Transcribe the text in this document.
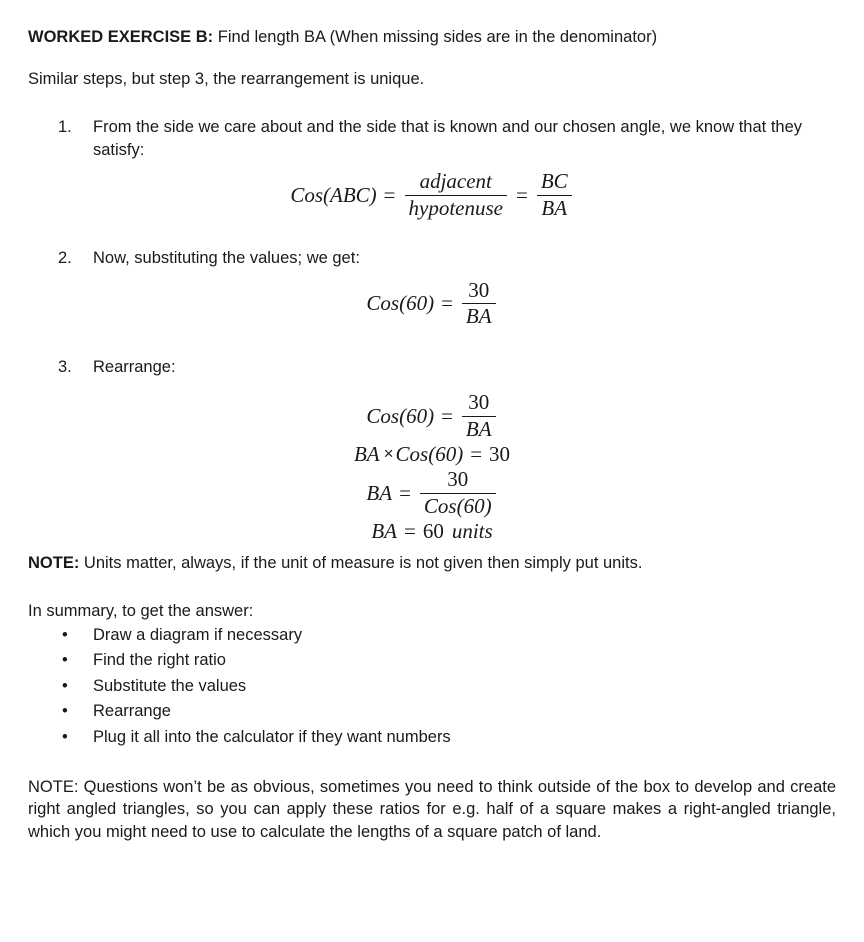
WORKED EXERCISE B: Find length BA (When missing sides are in the denominator)

Similar steps, but step 3, the rearrangement is unique.

1.	From the side we care about and the side that is known and our chosen angle, we know that they satisfy:
$Cos(ABC) = \frac{\text{adjacent}}{\text{hypotenuse}} = \frac{BC}{BA}$
2.	Now, substituting the values; we get:
$Cos(60) = \frac{30}{BA}$
3.	Rearrange:
$Cos(60) = \frac{30}{BA}$
BA × Cos(60) = 30
BA = $\frac{30}{\text{Cos(60)}}$
BA = 60 units

NOTE: Units matter, always, if the unit of measure is not given then simply put units.

In summary, to get the answer:

• Draw a diagram if necessary
• Find the right ratio
• Substitute the values
• Rearrange
• Plug it all into the calculator if they want numbers

NOTE: Questions won’t be as obvious, sometimes you need to think outside of the box to develop and create right angled triangles, so you can apply these ratios for e.g. half of a square makes a right-angled triangle, which you might need to use to calculate the lengths of a square patch of land.
